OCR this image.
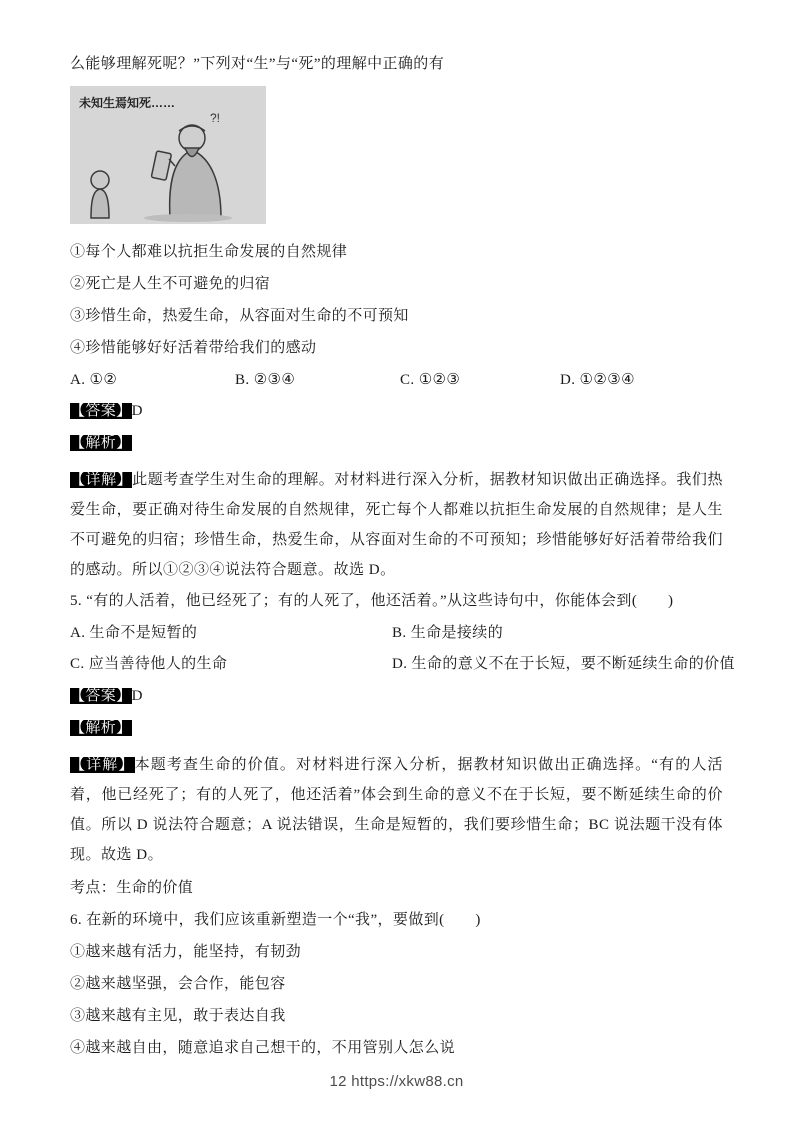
么能够理解死呢？”下列对“生”与“死”的理解中正确的有
未知生焉知死……
?!
①每个人都难以抗拒生命发展的自然规律
②死亡是人生不可避免的归宿
③珍惜生命，热爱生命，从容面对生命的不可预知
④珍惜能够好好活着带给我们的感动
A. ①②	B. ②③④	C. ①②③	D. ①②③④
【答案】D
【解析】

【详解】此题考查学生对生命的理解。对材料进行深入分析，据教材知识做出正确选择。我们热爱生命，要正确对待生命发展的自然规律，死亡每个人都难以抗拒生命发展的自然规律；是人生不可避免的归宿；珍惜生命，热爱生命，从容面对生命的不可预知；珍惜能够好好活着带给我们的感动。所以①②③④说法符合题意。故选 D。

5. “有的人活着，他已经死了；有的人死了，他还活着。”从这些诗句中，你能体会到(　　)
A. 生命不是短暂的	B. 生命是接续的
C. 应当善待他人的生命	D. 生命的意义不在于长短，要不断延续生命的价值
【答案】D
【解析】

【详解】本题考查生命的价值。对材料进行深入分析，据教材知识做出正确选择。“有的人活着，他已经死了；有的人死了，他还活着”体会到生命的意义不在于长短，要不断延续生命的价值。所以 D 说法符合题意；A 说法错误，生命是短暂的，我们要珍惜生命；BC 说法题干没有体现。故选 D。

考点：生命的价值
6. 在新的环境中，我们应该重新塑造一个“我”，要做到(　　)
①越来越有活力，能坚持，有韧劲
②越来越坚强，会合作，能包容
③越来越有主见，敢于表达自我
④越来越自由，随意追求自己想干的，不用管别人怎么说
12 https://xkw88.cn
